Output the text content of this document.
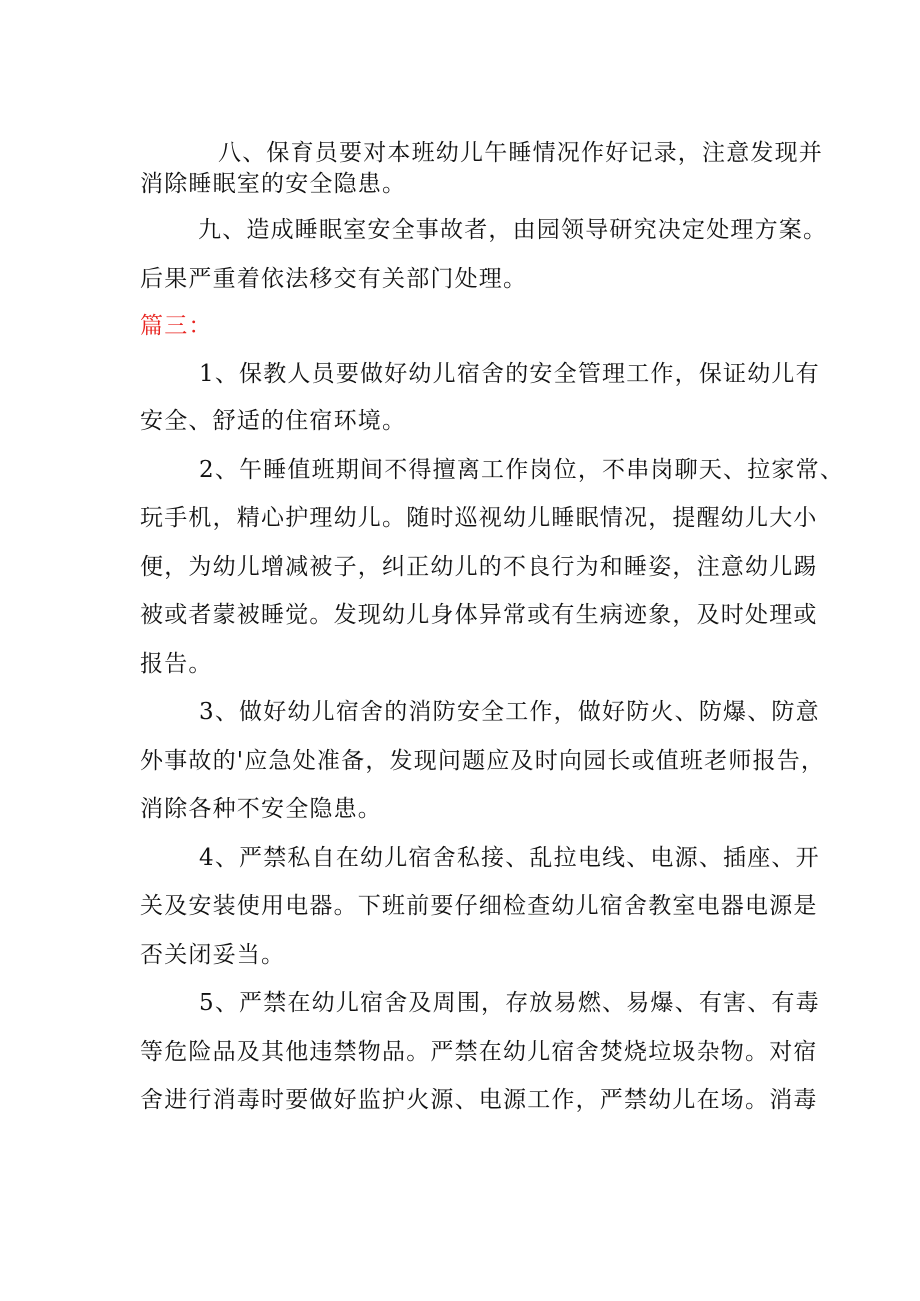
八、保育员要对本班幼儿午睡情况作好记录，注意发现并
消除睡眠室的安全隐患。
九、造成睡眠室安全事故者，由园领导研究决定处理方案。
后果严重着依法移交有关部门处理。
篇三：
1、保教人员要做好幼儿宿舍的安全管理工作，保证幼儿有
安全、舒适的住宿环境。
2、午睡值班期间不得擅离工作岗位，不串岗聊天、拉家常、
玩手机，精心护理幼儿。随时巡视幼儿睡眠情况，提醒幼儿大小
便，为幼儿增减被子，纠正幼儿的不良行为和睡姿，注意幼儿踢
被或者蒙被睡觉。发现幼儿身体异常或有生病迹象，及时处理或
报告。
3、做好幼儿宿舍的消防安全工作，做好防火、防爆、防意
外事故的'应急处准备，发现问题应及时向园长或值班老师报告，
消除各种不安全隐患。
4、严禁私自在幼儿宿舍私接、乱拉电线、电源、插座、开
关及安装使用电器。下班前要仔细检查幼儿宿舍教室电器电源是
否关闭妥当。
5、严禁在幼儿宿舍及周围，存放易燃、易爆、有害、有毒
等危险品及其他违禁物品。严禁在幼儿宿舍焚烧垃圾杂物。对宿
舍进行消毒时要做好监护火源、电源工作，严禁幼儿在场。消毒
